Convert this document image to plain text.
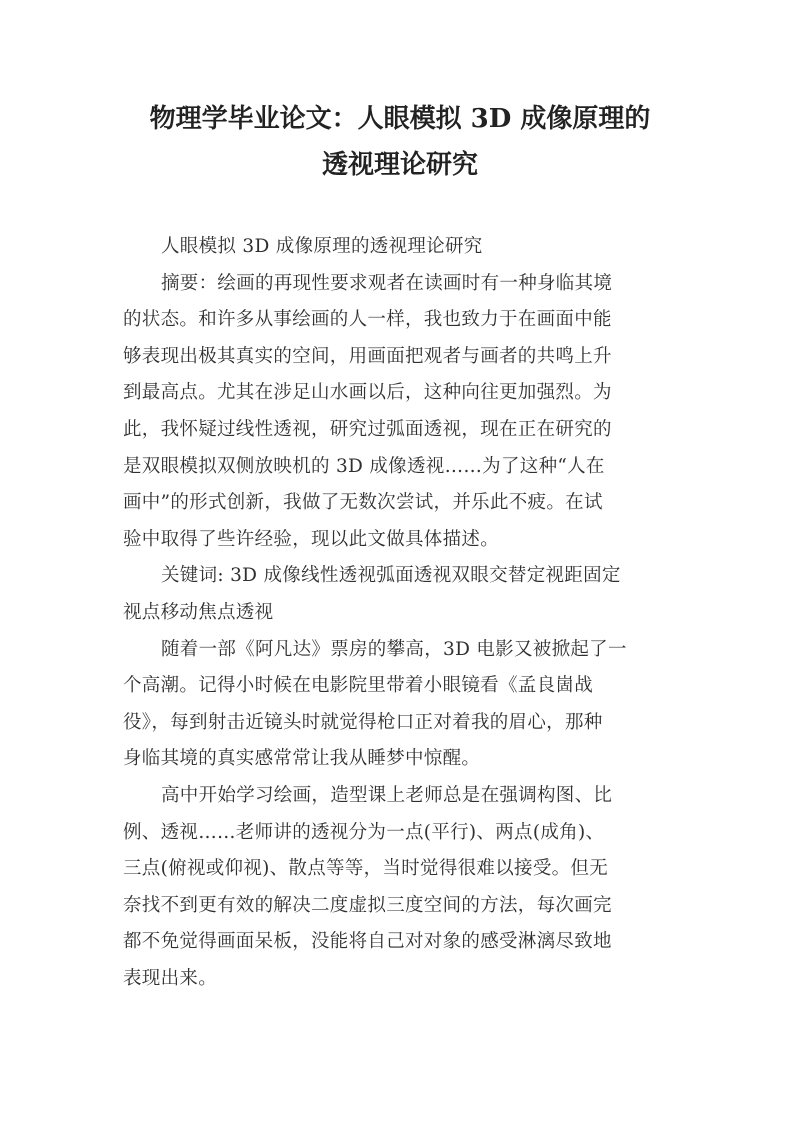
物理学毕业论文：人眼模拟 3D 成像原理的
透视理论研究
人眼模拟 3D 成像原理的透视理论研究
摘要：绘画的再现性要求观者在读画时有一种身临其境
的状态。和许多从事绘画的人一样，我也致力于在画面中能
够表现出极其真实的空间，用画面把观者与画者的共鸣上升
到最高点。尤其在涉足山水画以后，这种向往更加强烈。为
此，我怀疑过线性透视，研究过弧面透视，现在正在研究的
是双眼模拟双侧放映机的 3D 成像透视……为了这种“人在
画中”的形式创新，我做了无数次尝试，并乐此不疲。在试
验中取得了些许经验，现以此文做具体描述。
关键词: 3D 成像线性透视弧面透视双眼交替定视距固定
视点移动焦点透视
随着一部《阿凡达》票房的攀高，3D 电影又被掀起了一
个高潮。记得小时候在电影院里带着小眼镜看《孟良崮战
役》，每到射击近镜头时就觉得枪口正对着我的眉心，那种
身临其境的真实感常常让我从睡梦中惊醒。
高中开始学习绘画，造型课上老师总是在强调构图、比
例、透视……老师讲的透视分为一点(平行)、两点(成角)、
三点(俯视或仰视)、散点等等，当时觉得很难以接受。但无
奈找不到更有效的解决二度虚拟三度空间的方法，每次画完
都不免觉得画面呆板，没能将自己对对象的感受淋漓尽致地
表现出来。
